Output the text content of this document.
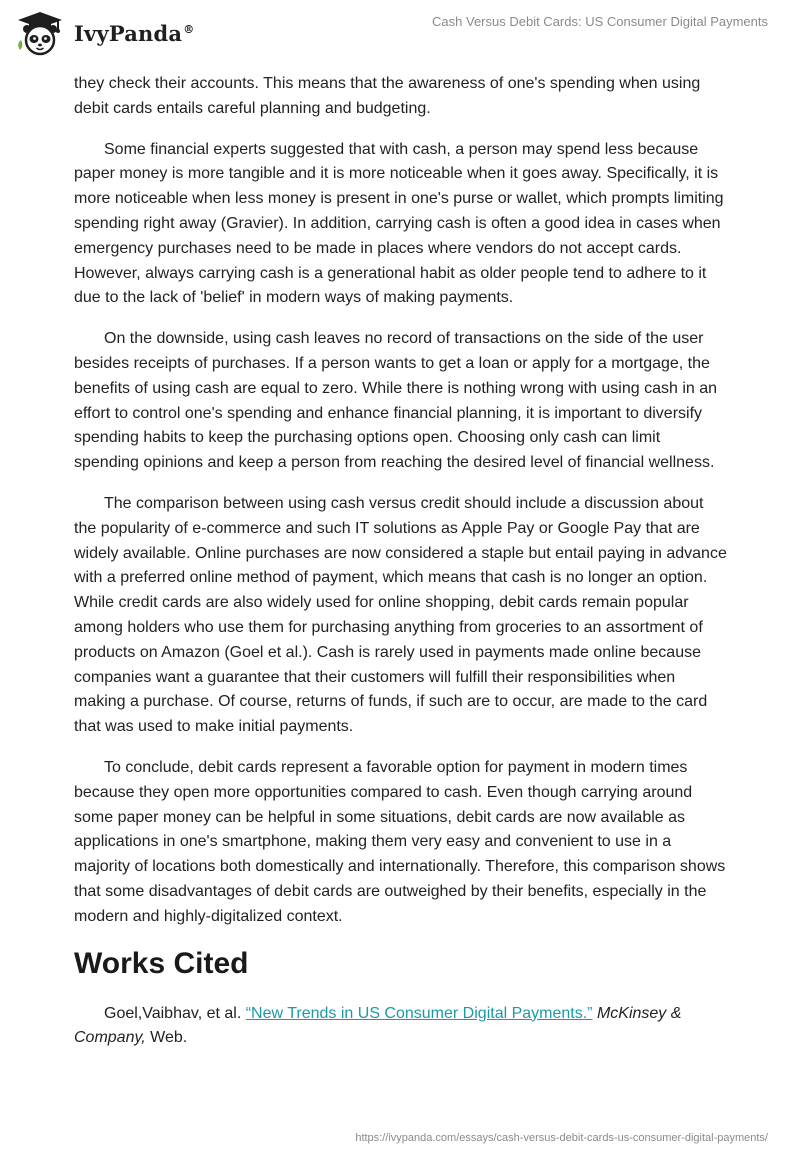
IvyPanda®	Cash Versus Debit Cards: US Consumer Digital Payments

they check their accounts. This means that the awareness of one's spending when using debit cards entails careful planning and budgeting.

Some financial experts suggested that with cash, a person may spend less because paper money is more tangible and it is more noticeable when it goes away. Specifically, it is more noticeable when less money is present in one's purse or wallet, which prompts limiting spending right away (Gravier). In addition, carrying cash is often a good idea in cases when emergency purchases need to be made in places where vendors do not accept cards. However, always carrying cash is a generational habit as older people tend to adhere to it due to the lack of 'belief' in modern ways of making payments.

On the downside, using cash leaves no record of transactions on the side of the user besides receipts of purchases. If a person wants to get a loan or apply for a mortgage, the benefits of using cash are equal to zero. While there is nothing wrong with using cash in an effort to control one's spending and enhance financial planning, it is important to diversify spending habits to keep the purchasing options open. Choosing only cash can limit spending opinions and keep a person from reaching the desired level of financial wellness.

The comparison between using cash versus credit should include a discussion about the popularity of e-commerce and such IT solutions as Apple Pay or Google Pay that are widely available. Online purchases are now considered a staple but entail paying in advance with a preferred online method of payment, which means that cash is no longer an option. While credit cards are also widely used for online shopping, debit cards remain popular among holders who use them for purchasing anything from groceries to an assortment of products on Amazon (Goel et al.). Cash is rarely used in payments made online because companies want a guarantee that their customers will fulfill their responsibilities when making a purchase. Of course, returns of funds, if such are to occur, are made to the card that was used to make initial payments.

To conclude, debit cards represent a favorable option for payment in modern times because they open more opportunities compared to cash. Even though carrying around some paper money can be helpful in some situations, debit cards are now available as applications in one's smartphone, making them very easy and convenient to use in a majority of locations both domestically and internationally. Therefore, this comparison shows that some disadvantages of debit cards are outweighed by their benefits, especially in the modern and highly-digitalized context.

Works Cited

Goel,Vaibhav, et al. “New Trends in US Consumer Digital Payments.” McKinsey & Company, Web.

https://ivypanda.com/essays/cash-versus-debit-cards-us-consumer-digital-payments/
